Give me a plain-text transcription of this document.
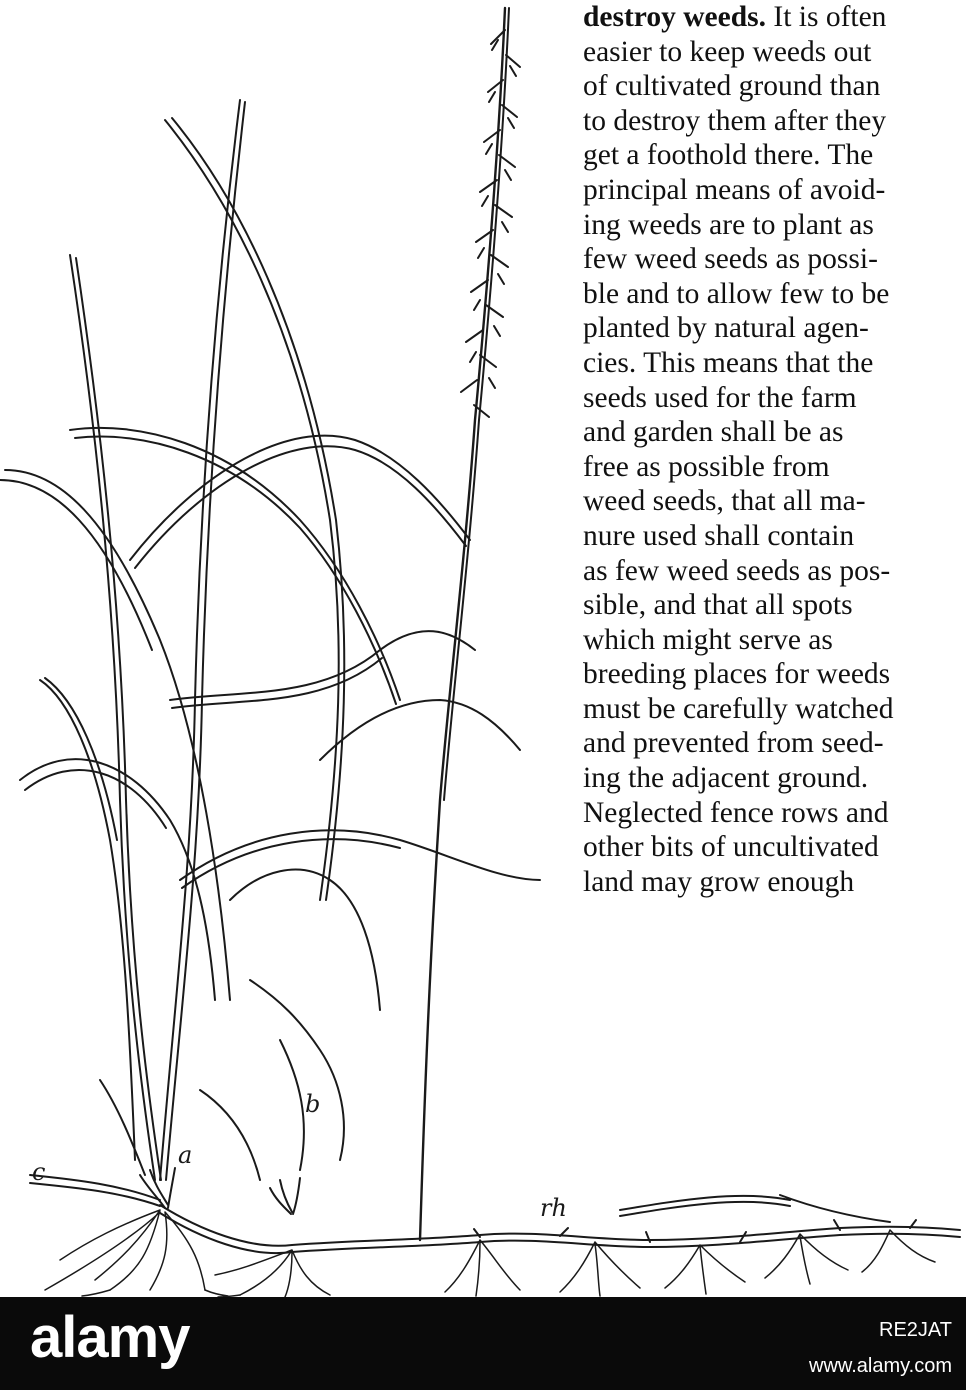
c
a
b
rh
destroy weeds. It is often
easier to keep weeds out
of cultivated ground than
to destroy them after they
get a foothold there. The
principal means of avoid-
ing weeds are to plant as
few weed seeds as possi-
ble and to allow few to be
planted by natural agen-
cies. This means that the
seeds used for the farm
and garden shall be as
free as possible from
weed seeds, that all ma-
nure used shall contain
as few weed seeds as pos-
sible, and that all spots
which might serve as
breeding places for weeds
must be carefully watched
and prevented from seed-
ing the adjacent ground.
Neglected fence rows and
other bits of uncultivated
land may grow enough
alamy	RE2JAT
www.alamy.com
